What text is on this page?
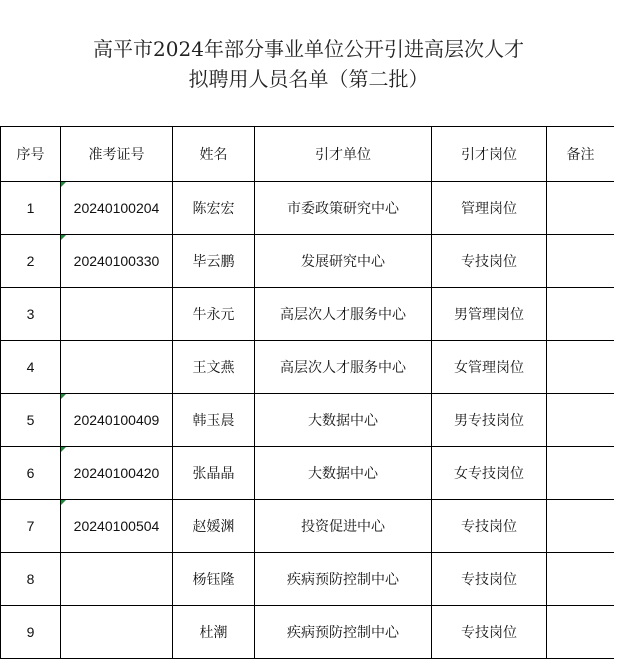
高平市2024年部分事业单位公开引进高层次人才
拟聘用人员名单（第二批）
序号	准考证号	姓名	引才单位	引才岗位	备注
1	20240100204	陈宏宏	市委政策研究中心	管理岗位	
2	20240100330	毕云鹏	发展研究中心	专技岗位	
3		牛永元	高层次人才服务中心	男管理岗位	
4		王文燕	高层次人才服务中心	女管理岗位	
5	20240100409	韩玉晨	大数据中心	男专技岗位	
6	20240100420	张晶晶	大数据中心	女专技岗位	
7	20240100504	赵媛渊	投资促进中心	专技岗位	
8		杨钰隆	疾病预防控制中心	专技岗位	
9		杜潮	疾病预防控制中心	专技岗位	
